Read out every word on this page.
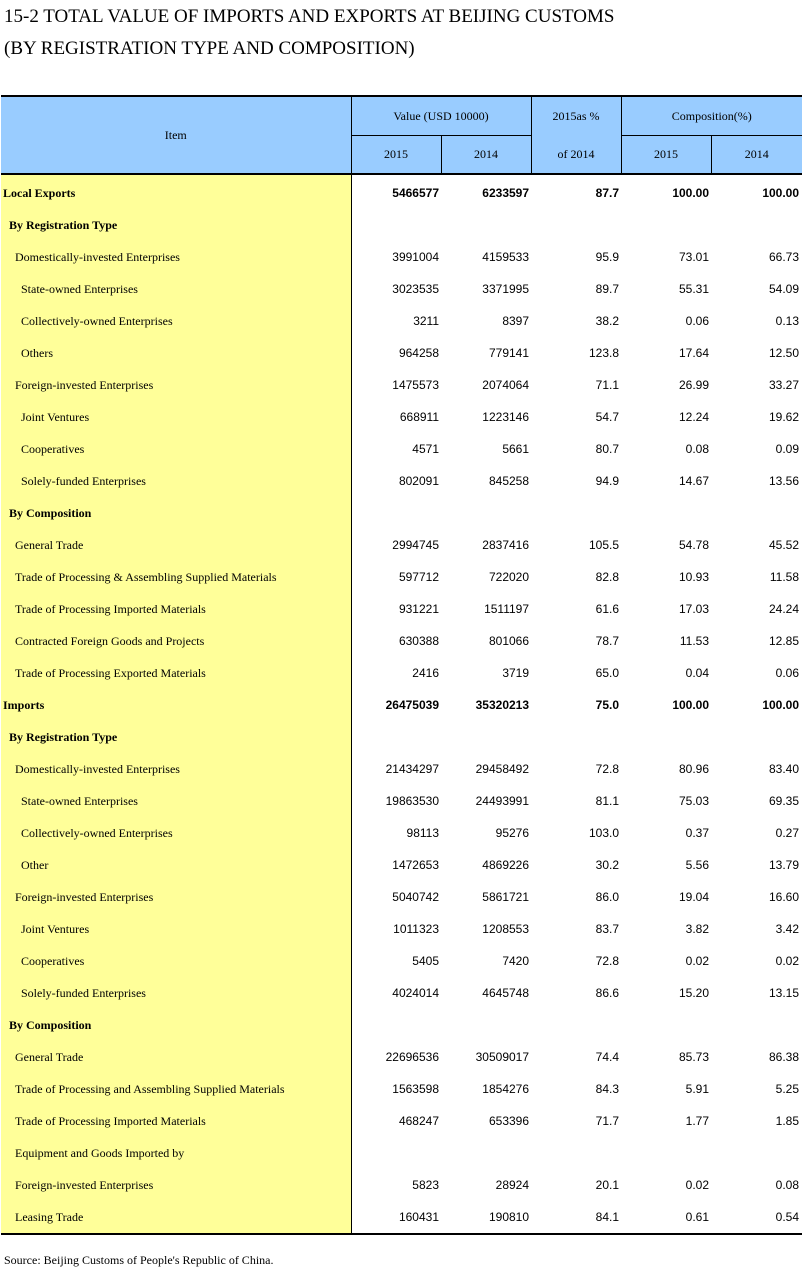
15-2 TOTAL VALUE OF IMPORTS AND EXPORTS AT BEIJING CUSTOMS
(BY REGISTRATION TYPE AND COMPOSITION)
Item	Value (USD 10000)		2015as %	Composition(%)	
	2015	2014	of 2014	2015	2014
Local Exports	5466577	6233597	87.7	100.00	100.00
By Registration Type					
Domestically-invested Enterprises	3991004	4159533	95.9	73.01	66.73
State-owned Enterprises	3023535	3371995	89.7	55.31	54.09
Collectively-owned Enterprises	3211	8397	38.2	0.06	0.13
Others	964258	779141	123.8	17.64	12.50
Foreign-invested Enterprises	1475573	2074064	71.1	26.99	33.27
Joint Ventures	668911	1223146	54.7	12.24	19.62
Cooperatives	4571	5661	80.7	0.08	0.09
Solely-funded Enterprises	802091	845258	94.9	14.67	13.56
By Composition					
General Trade	2994745	2837416	105.5	54.78	45.52
Trade of Processing & Assembling Supplied Materials	597712	722020	82.8	10.93	11.58
Trade of Processing Imported Materials	931221	1511197	61.6	17.03	24.24
Contracted Foreign Goods and Projects	630388	801066	78.7	11.53	12.85
Trade of Processing Exported Materials	2416	3719	65.0	0.04	0.06
Imports	26475039	35320213	75.0	100.00	100.00
By Registration Type					
Domestically-invested Enterprises	21434297	29458492	72.8	80.96	83.40
State-owned Enterprises	19863530	24493991	81.1	75.03	69.35
Collectively-owned Enterprises	98113	95276	103.0	0.37	0.27
Other	1472653	4869226	30.2	5.56	13.79
Foreign-invested Enterprises	5040742	5861721	86.0	19.04	16.60
Joint Ventures	1011323	1208553	83.7	3.82	3.42
Cooperatives	5405	7420	72.8	0.02	0.02
Solely-funded Enterprises	4024014	4645748	86.6	15.20	13.15
By Composition					
General Trade	22696536	30509017	74.4	85.73	86.38
Trade of Processing and Assembling Supplied Materials	1563598	1854276	84.3	5.91	5.25
Trade of Processing Imported Materials	468247	653396	71.7	1.77	1.85
Equipment and Goods Imported by					
Foreign-invested Enterprises	5823	28924	20.1	0.02	0.08
Leasing Trade	160431	190810	84.1	0.61	0.54
Source: Beijing Customs of People's Republic of China.
